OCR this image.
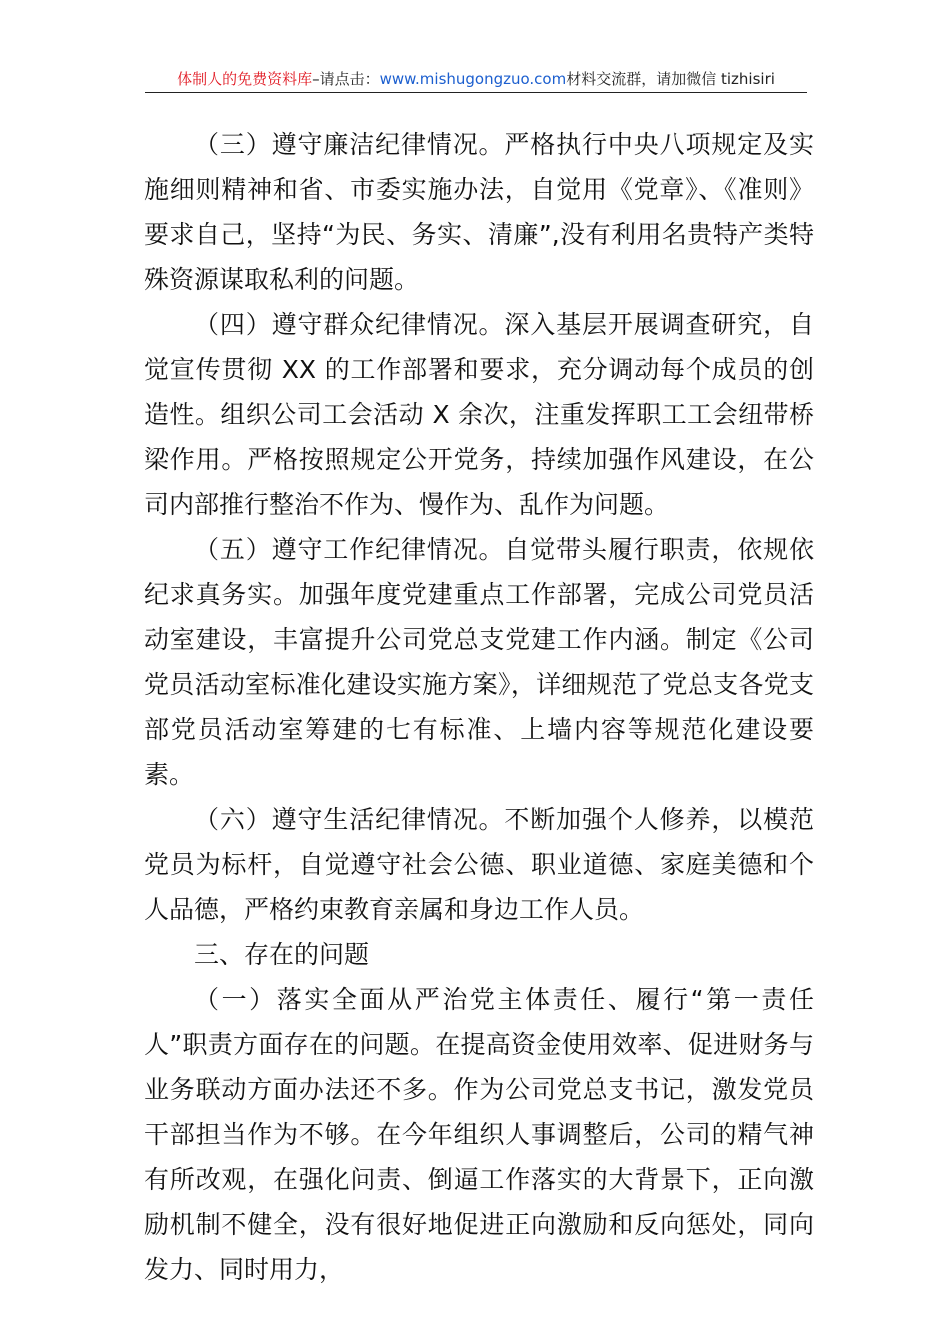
体制人的免费资料库–请点击：www.mishugongzuo.com材料交流群，请加微信 tizhisiri

（三）遵守廉洁纪律情况。严格执行中央八项规定及实施细则精神和省、市委实施办法，自觉用《党章》、《准则》要求自己，坚持“为民、务实、清廉”,没有利用名贵特产类特殊资源谋取私利的问题。

（四）遵守群众纪律情况。深入基层开展调查研究，自觉宣传贯彻 XX 的工作部署和要求，充分调动每个成员的创造性。组织公司工会活动 X 余次，注重发挥职工工会纽带桥梁作用。严格按照规定公开党务，持续加强作风建设，在公司内部推行整治不作为、慢作为、乱作为问题。

（五）遵守工作纪律情况。自觉带头履行职责，依规依纪求真务实。加强年度党建重点工作部署，完成公司党员活动室建设，丰富提升公司党总支党建工作内涵。制定《公司党员活动室标准化建设实施方案》，详细规范了党总支各党支部党员活动室筹建的七有标准、上墙内容等规范化建设要素。

（六）遵守生活纪律情况。不断加强个人修养，以模范党员为标杆，自觉遵守社会公德、职业道德、家庭美德和个人品德，严格约束教育亲属和身边工作人员。

三、存在的问题

（一）落实全面从严治党主体责任、履行“第一责任人”职责方面存在的问题。在提高资金使用效率、促进财务与业务联动方面办法还不多。作为公司党总支书记，激发党员干部担当作为不够。在今年组织人事调整后，公司的精气神有所改观，在强化问责、倒逼工作落实的大背景下，正向激励机制不健全，没有很好地促进正向激励和反向惩处，同向发力、同时用力，
